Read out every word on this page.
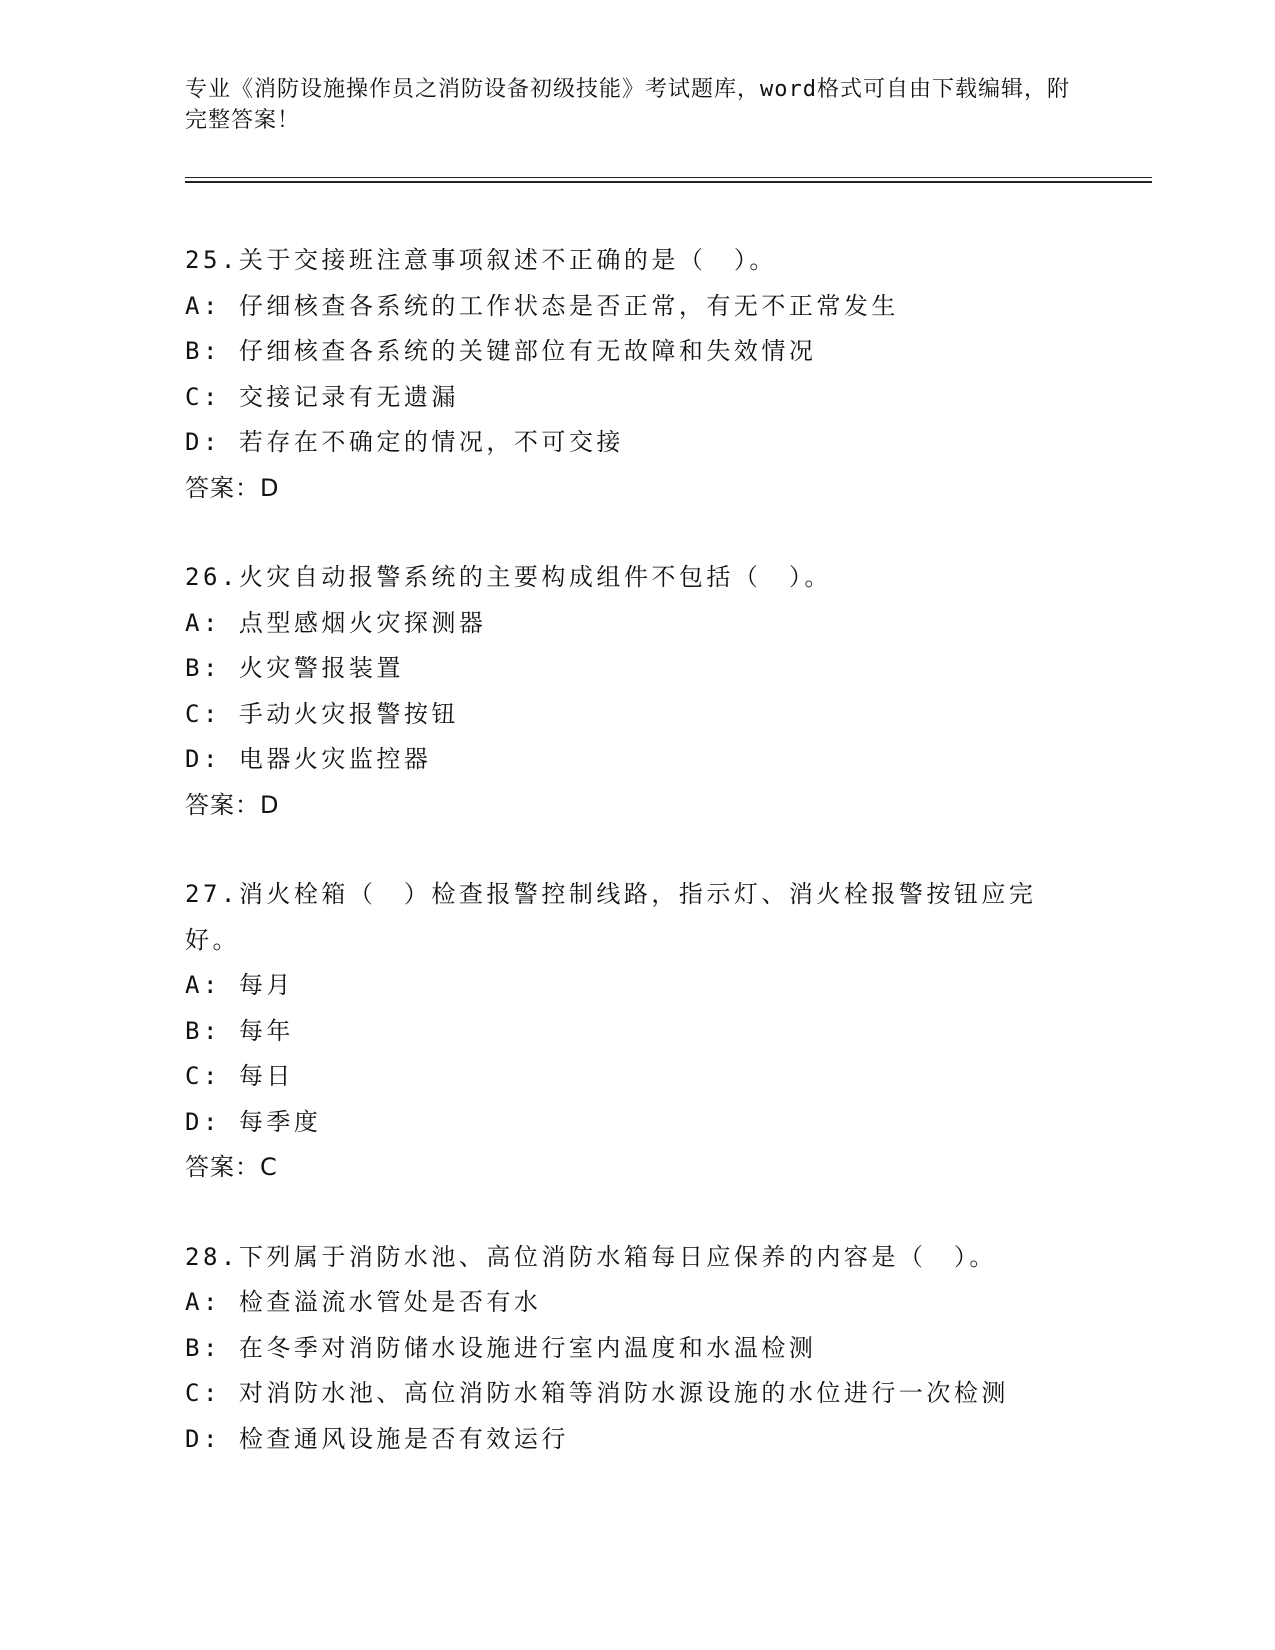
专业《消防设施操作员之消防设备初级技能》考试题库，word格式可自由下载编辑，附完整答案！
25.关于交接班注意事项叙述不正确的是（　）。
A: 仔细核查各系统的工作状态是否正常，有无不正常发生
B: 仔细核查各系统的关键部位有无故障和失效情况
C: 交接记录有无遗漏
D: 若存在不确定的情况，不可交接
答案：D
26.火灾自动报警系统的主要构成组件不包括（　）。
A: 点型感烟火灾探测器
B: 火灾警报装置
C: 手动火灾报警按钮
D: 电器火灾监控器
答案：D
27.消火栓箱（　）检查报警控制线路，指示灯、消火栓报警按钮应完好。
A: 每月
B: 每年
C: 每日
D: 每季度
答案：C
28.下列属于消防水池、高位消防水箱每日应保养的内容是（　）。
A: 检查溢流水管处是否有水
B: 在冬季对消防储水设施进行室内温度和水温检测
C: 对消防水池、高位消防水箱等消防水源设施的水位进行一次检测
D: 检查通风设施是否有效运行
